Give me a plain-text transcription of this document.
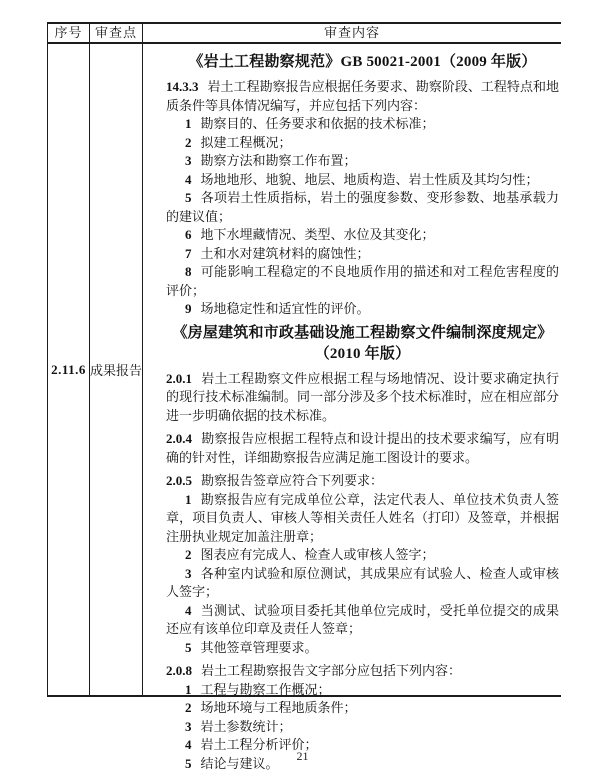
序号 审查点	审查内容
2.11.6 成果报告
《岩土工程勘察规范》GB 50021-2001（2009 年版）
14.3.3 岩土工程勘察报告应根据任务要求、勘察阶段、工程特点和地质条件等具体情况编写，并应包括下列内容：
1 勘察目的、任务要求和依据的技术标准；
2 拟建工程概况；
3 勘察方法和勘察工作布置；
4 场地地形、地貌、地层、地质构造、岩土性质及其均匀性；
5 各项岩土性质指标，岩土的强度参数、变形参数、地基承载力的建议值；
6 地下水埋藏情况、类型、水位及其变化；
7 土和水对建筑材料的腐蚀性；
8 可能影响工程稳定的不良地质作用的描述和对工程危害程度的评价；
9 场地稳定性和适宜性的评价。
《房屋建筑和市政基础设施工程勘察文件编制深度规定》（2010 年版）
2.0.1 岩土工程勘察文件应根据工程与场地情况、设计要求确定执行的现行技术标准编制。同一部分涉及多个技术标准时，应在相应部分进一步明确依据的技术标准。
2.0.4 勘察报告应根据工程特点和设计提出的技术要求编写，应有明确的针对性，详细勘察报告应满足施工图设计的要求。
2.0.5 勘察报告签章应符合下列要求：
1 勘察报告应有完成单位公章，法定代表人、单位技术负责人签章，项目负责人、审核人等相关责任人姓名（打印）及签章，并根据注册执业规定加盖注册章；
2 图表应有完成人、检查人或审核人签字；
3 各种室内试验和原位测试，其成果应有试验人、检查人或审核人签字；
4 当测试、试验项目委托其他单位完成时，受托单位提交的成果还应有该单位印章及责任人签章；
5 其他签章管理要求。
2.0.8 岩土工程勘察报告文字部分应包括下列内容：
1 工程与勘察工作概况；
2 场地环境与工程地质条件；
3 岩土参数统计；
4 岩土工程分析评价；
5 结论与建议。	21
